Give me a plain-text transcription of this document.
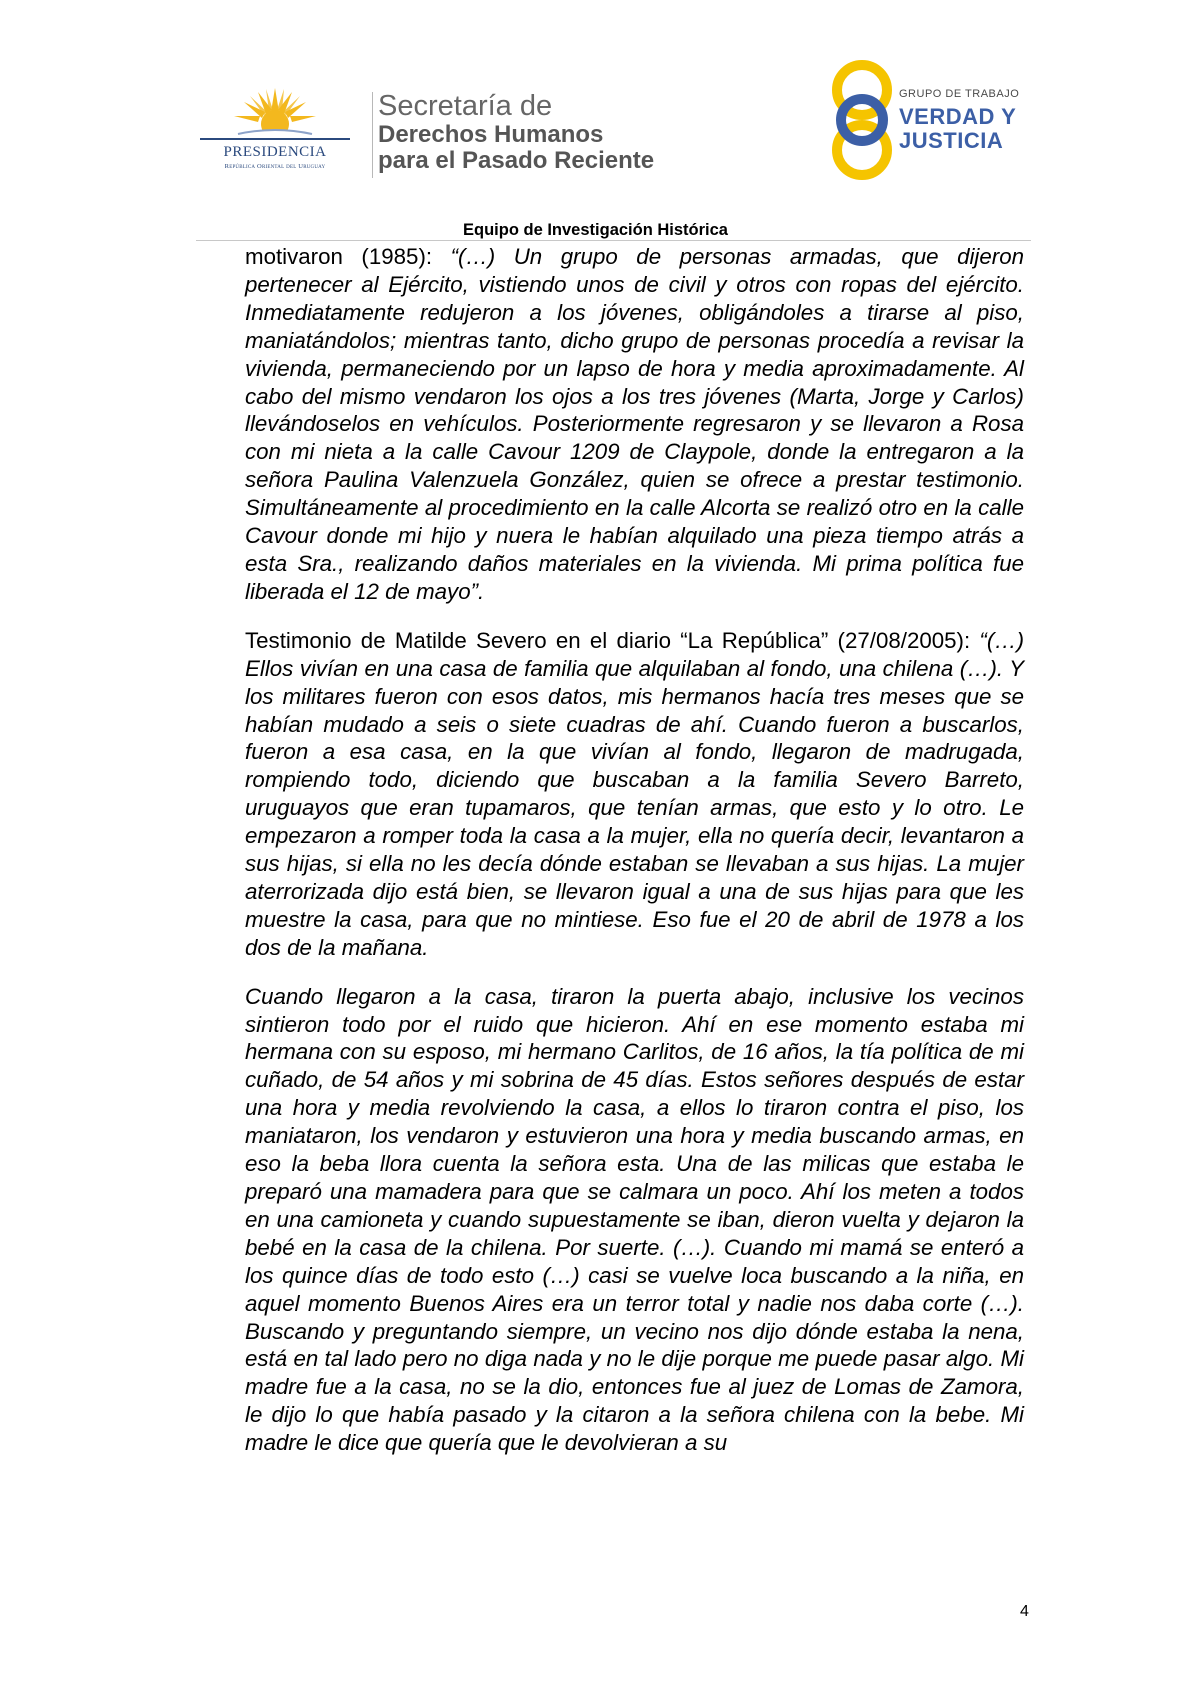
PRESIDENCIA
República Oriental del Uruguay
Secretaría de
Derechos Humanos
para el Pasado Reciente
GRUPO DE TRABAJO
VERDAD Y
JUSTICIA
Equipo de Investigación Histórica

motivaron (1985): “(…) Un grupo de personas armadas, que dijeron pertenecer al Ejército, vistiendo unos de civil y otros con ropas del ejército. Inmediatamente redujeron a los jóvenes, obligándoles a tirarse al piso, maniatándolos; mientras tanto, dicho grupo de personas procedía a revisar la vivienda, permaneciendo por un lapso de hora y media aproximadamente. Al cabo del mismo vendaron los ojos a los tres jóvenes (Marta, Jorge y Carlos) llevándoselos en vehículos. Posteriormente regresaron y se llevaron a Rosa con mi nieta a la calle Cavour 1209 de Claypole, donde la entregaron a la señora Paulina Valenzuela González, quien se ofrece a prestar testimonio. Simultáneamente al procedimiento en la calle Alcorta se realizó otro en la calle Cavour donde mi hijo y nuera le habían alquilado una pieza tiempo atrás a esta Sra., realizando daños materiales en la vivienda. Mi prima política fue liberada el 12 de mayo”.

Testimonio de Matilde Severo en el diario “La República” (27/08/2005): “(…) Ellos vivían en una casa de familia que alquilaban al fondo, una chilena (…). Y los militares fueron con esos datos, mis hermanos hacía tres meses que se habían mudado a seis o siete cuadras de ahí. Cuando fueron a buscarlos, fueron a esa casa, en la que vivían al fondo, llegaron de madrugada, rompiendo todo, diciendo que buscaban a la familia Severo Barreto, uruguayos que eran tupamaros, que tenían armas, que esto y lo otro. Le empezaron a romper toda la casa a la mujer, ella no quería decir, levantaron a sus hijas, si ella no les decía dónde estaban se llevaban a sus hijas. La mujer aterrorizada dijo está bien, se llevaron igual a una de sus hijas para que les muestre la casa, para que no mintiese. Eso fue el 20 de abril de 1978 a los dos de la mañana.

Cuando llegaron a la casa, tiraron la puerta abajo, inclusive los vecinos sintieron todo por el ruido que hicieron. Ahí en ese momento estaba mi hermana con su esposo, mi hermano Carlitos, de 16 años, la tía política de mi cuñado, de 54 años y mi sobrina de 45 días. Estos señores después de estar una hora y media revolviendo la casa, a ellos lo tiraron contra el piso, los maniataron, los vendaron y estuvieron una hora y media buscando armas, en eso la beba llora cuenta la señora esta. Una de las milicas que estaba le preparó una mamadera para que se calmara un poco. Ahí los meten a todos en una camioneta y cuando supuestamente se iban, dieron vuelta y dejaron la bebé en la casa de la chilena. Por suerte. (…). Cuando mi mamá se enteró a los quince días de todo esto (…) casi se vuelve loca buscando a la niña, en aquel momento Buenos Aires era un terror total y nadie nos daba corte (…). Buscando y preguntando siempre, un vecino nos dijo dónde estaba la nena, está en tal lado pero no diga nada y no le dije porque me puede pasar algo. Mi madre fue a la casa, no se la dio, entonces fue al juez de Lomas de Zamora, le dijo lo que había pasado y la citaron a la señora chilena con la bebe. Mi madre le dice que quería que le devolvieran a su

4
